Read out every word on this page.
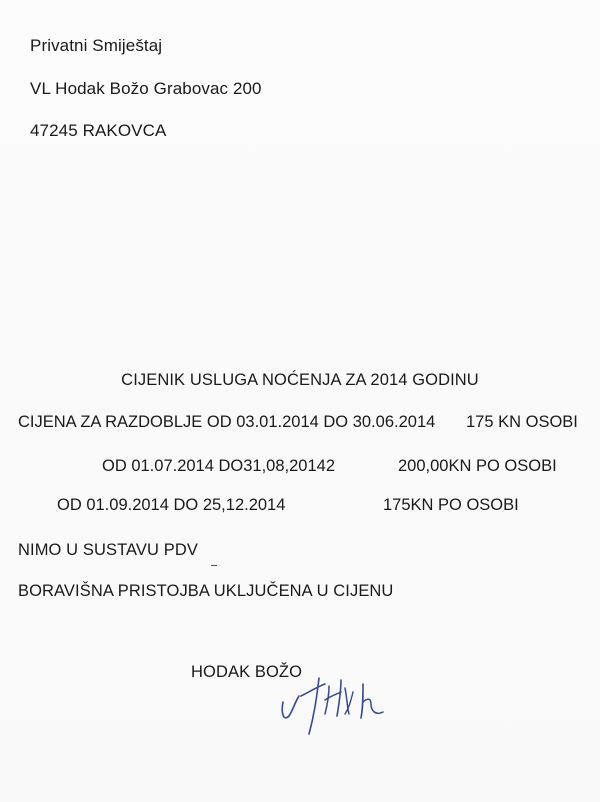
Privatni Smiještaj
VL Hodak Božo Grabovac 200
47245 RAKOVCA
CIJENIK USLUGA NOĆENJA ZA 2014 GODINU
CIJENA ZA RAZDOBLJE OD 03.01.2014 DO 30.06.2014 175 KN OSOBI
OD 01.07.2014 DO31,08,20142	200,00KN PO OSOBI
OD 01.09.2014 DO 25,12.2014	175KN PO OSOBI
NIMO U SUSTAVU PDV
BORAVIŠNA PRISTOJBA UKLJUČENA U CIJENU
HODAK BOŽO
